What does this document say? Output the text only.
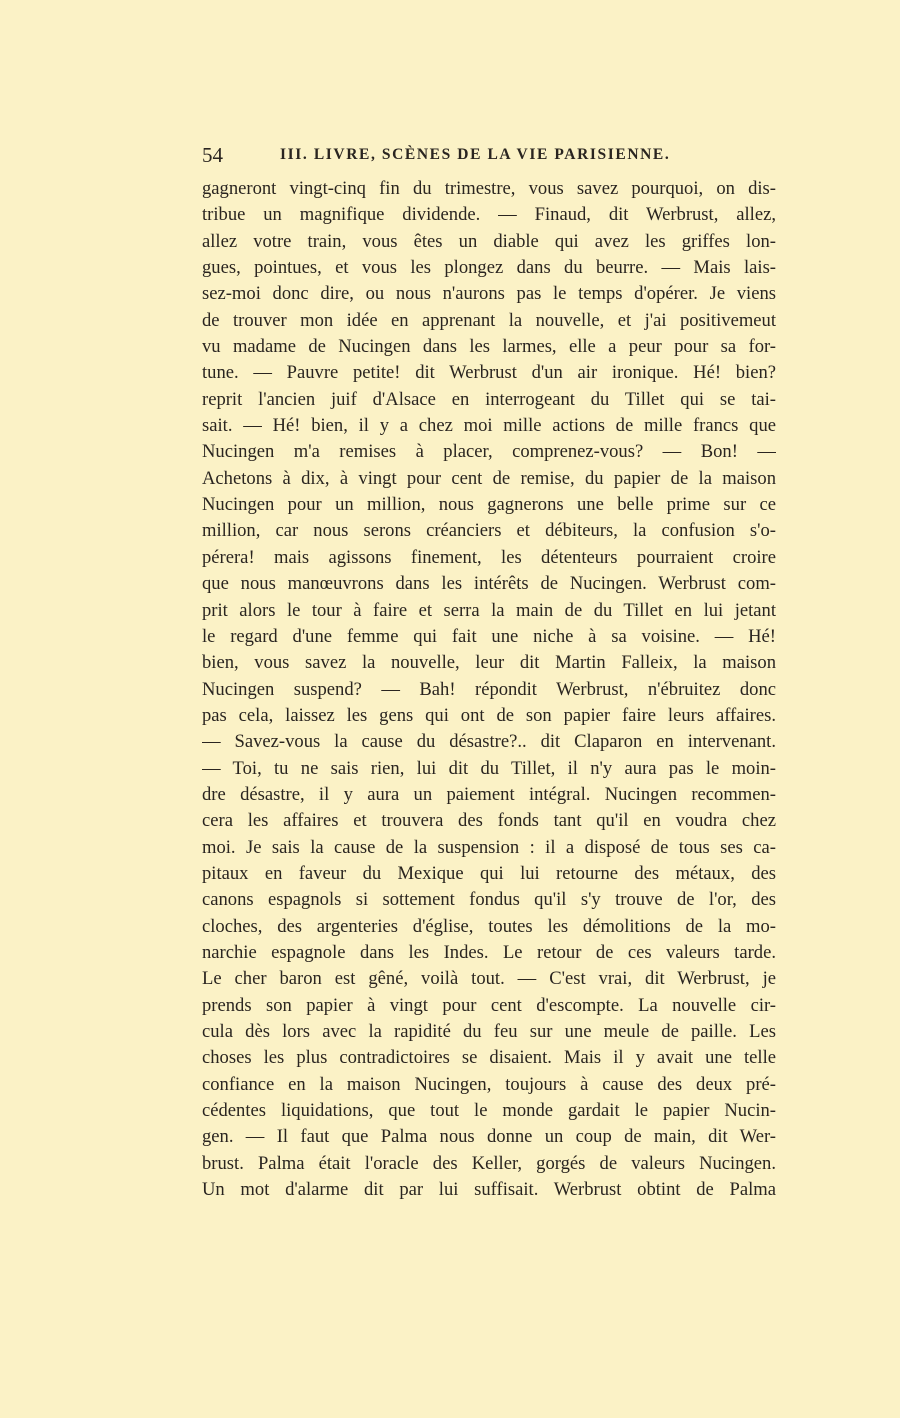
54	III. LIVRE, SCÈNES DE LA VIE PARISIENNE.
gagneront vingt-cinq fin du trimestre, vous savez pourquoi, on dis-
tribue un magnifique dividende. — Finaud, dit Werbrust, allez,
allez votre train, vous êtes un diable qui avez les griffes lon-
gues, pointues, et vous les plongez dans du beurre. — Mais lais-
sez-moi donc dire, ou nous n'aurons pas le temps d'opérer. Je viens
de trouver mon idée en apprenant la nouvelle, et j'ai positivemeut
vu madame de Nucingen dans les larmes, elle a peur pour sa for-
tune. — Pauvre petite! dit Werbrust d'un air ironique. Hé! bien?
reprit l'ancien juif d'Alsace en interrogeant du Tillet qui se tai-
sait. — Hé! bien, il y a chez moi mille actions de mille francs que
Nucingen m'a remises à placer, comprenez-vous? — Bon! —
Achetons à dix, à vingt pour cent de remise, du papier de la maison
Nucingen pour un million, nous gagnerons une belle prime sur ce
million, car nous serons créanciers et débiteurs, la confusion s'o-
pérera! mais agissons finement, les détenteurs pourraient croire
que nous manœuvrons dans les intérêts de Nucingen. Werbrust com-
prit alors le tour à faire et serra la main de du Tillet en lui jetant
le regard d'une femme qui fait une niche à sa voisine. — Hé!
bien, vous savez la nouvelle, leur dit Martin Falleix, la maison
Nucingen suspend? — Bah! répondit Werbrust, n'ébruitez donc
pas cela, laissez les gens qui ont de son papier faire leurs affaires.
— Savez-vous la cause du désastre?.. dit Claparon en intervenant.
— Toi, tu ne sais rien, lui dit du Tillet, il n'y aura pas le moin-
dre désastre, il y aura un paiement intégral. Nucingen recommen-
cera les affaires et trouvera des fonds tant qu'il en voudra chez
moi. Je sais la cause de la suspension : il a disposé de tous ses ca-
pitaux en faveur du Mexique qui lui retourne des métaux, des
canons espagnols si sottement fondus qu'il s'y trouve de l'or, des
cloches, des argenteries d'église, toutes les démolitions de la mo-
narchie espagnole dans les Indes. Le retour de ces valeurs tarde.
Le cher baron est gêné, voilà tout. — C'est vrai, dit Werbrust, je
prends son papier à vingt pour cent d'escompte. La nouvelle cir-
cula dès lors avec la rapidité du feu sur une meule de paille. Les
choses les plus contradictoires se disaient. Mais il y avait une telle
confiance en la maison Nucingen, toujours à cause des deux pré-
cédentes liquidations, que tout le monde gardait le papier Nucin-
gen. — Il faut que Palma nous donne un coup de main, dit Wer-
brust. Palma était l'oracle des Keller, gorgés de valeurs Nucingen.
Un mot d'alarme dit par lui suffisait. Werbrust obtint de Palma
